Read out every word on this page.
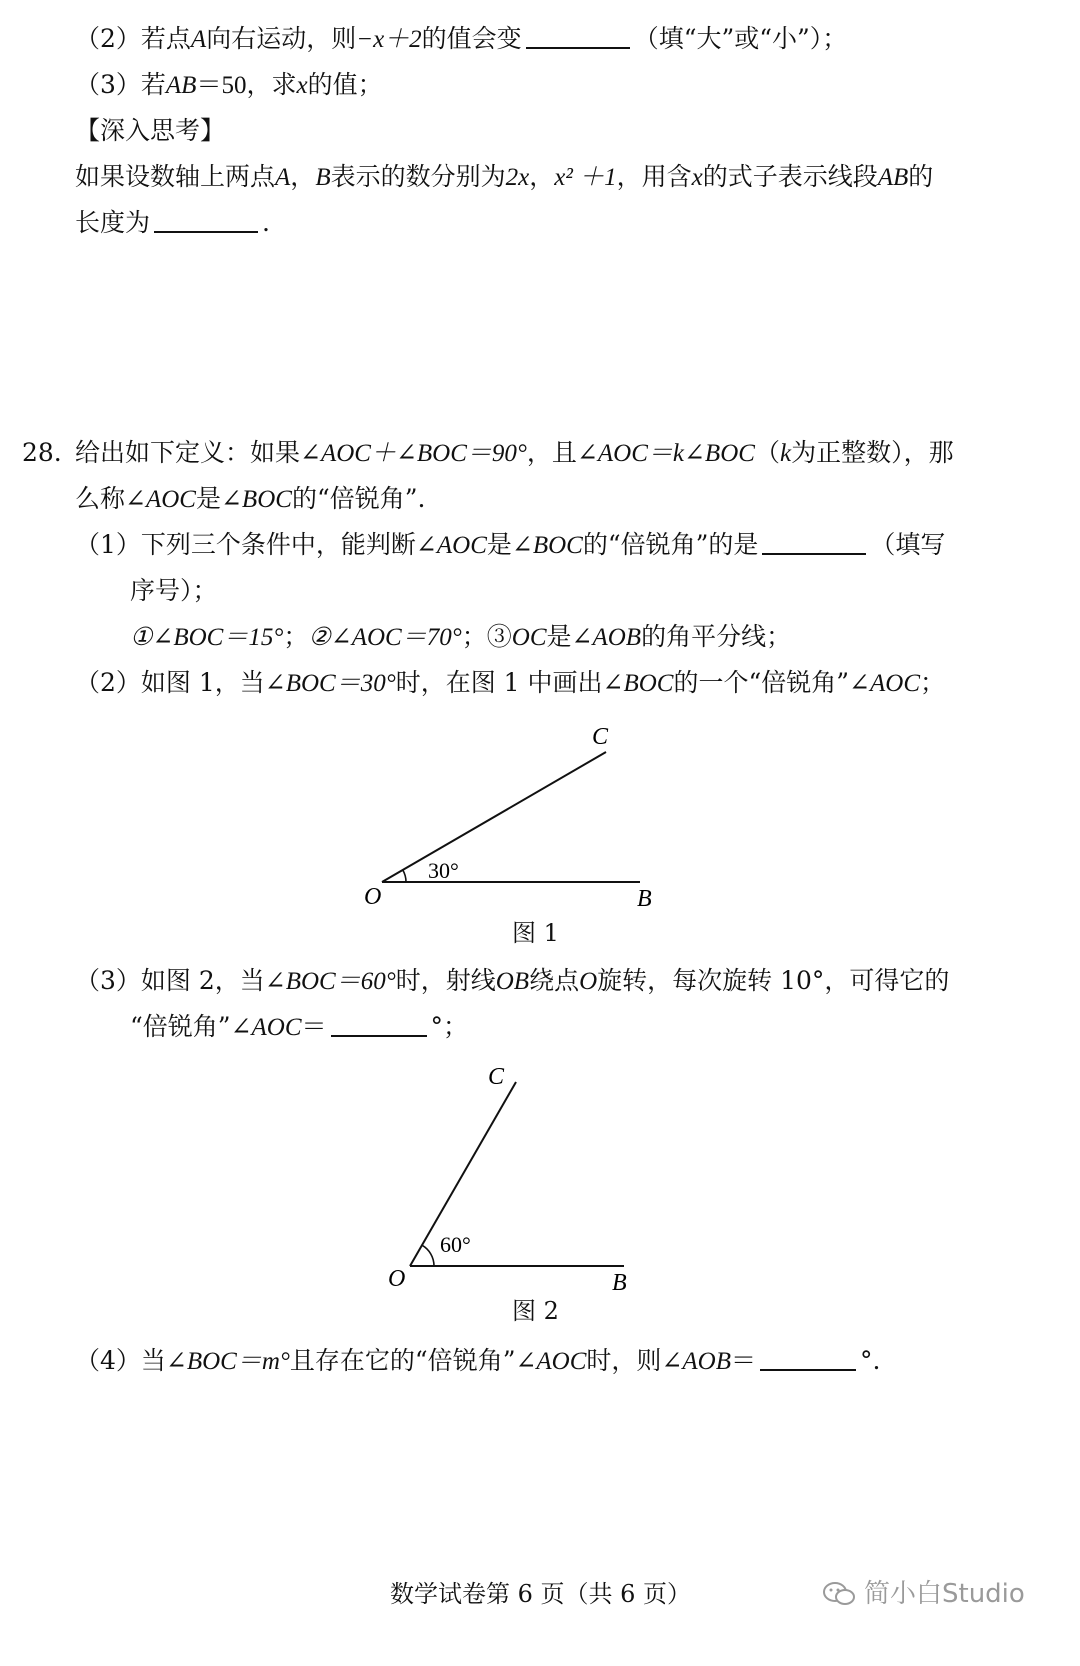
（2）若点A向右运动，则−x＋2的值会变	（填“大”或“小”）；
（3）若AB＝50，求x的值；
【深入思考】
如果设数轴上两点A，B表示的数分别为2x，x² ＋1，用含x的式子表示线段AB的
长度为	.
28. 给出如下定义：如果∠AOC＋∠BOC＝90°，且∠AOC＝k∠BOC（k为正整数），那
么称∠AOC是∠BOC的“倍锐角”.
（1）下列三个条件中，能判断∠AOC是∠BOC的“倍锐角”的是	（填写
序号）；
①∠BOC＝15°；②∠AOC＝70°；③OC是∠AOB的角平分线；
（2）如图 1，当∠BOC＝30°时，在图 1 中画出∠BOC的一个“倍锐角”∠AOC；
30°
C
O	B
图 1
（3）如图 2，当∠BOC＝60°时，射线OB绕点O旋转，每次旋转 10°，可得它的
“倍锐角”∠AOC＝	°；
60°
C
O	B
图 2
（4）当∠BOC＝m°且存在它的“倍锐角”∠AOC时，则∠AOB＝	°.
数学试卷第 6 页（共 6 页）	简小白Studio
